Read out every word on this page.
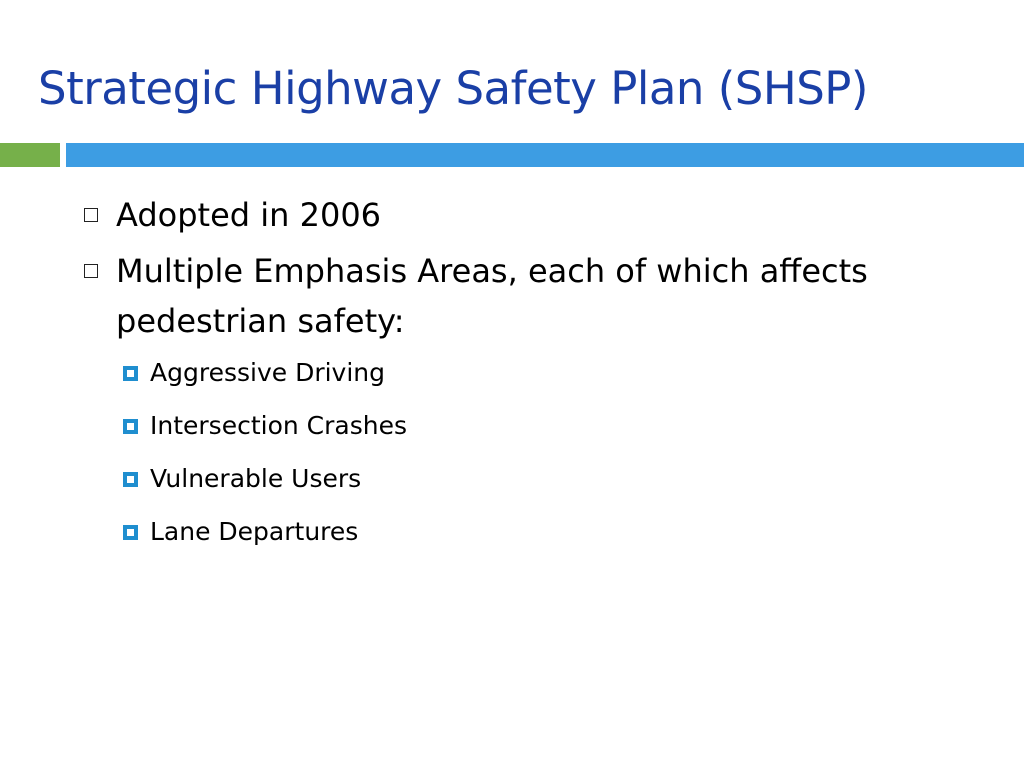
Strategic Highway Safety Plan (SHSP)
Adopted in 2006
Multiple Emphasis Areas, each of which affects pedestrian safety:
Aggressive Driving
Intersection Crashes
Vulnerable Users
Lane Departures
